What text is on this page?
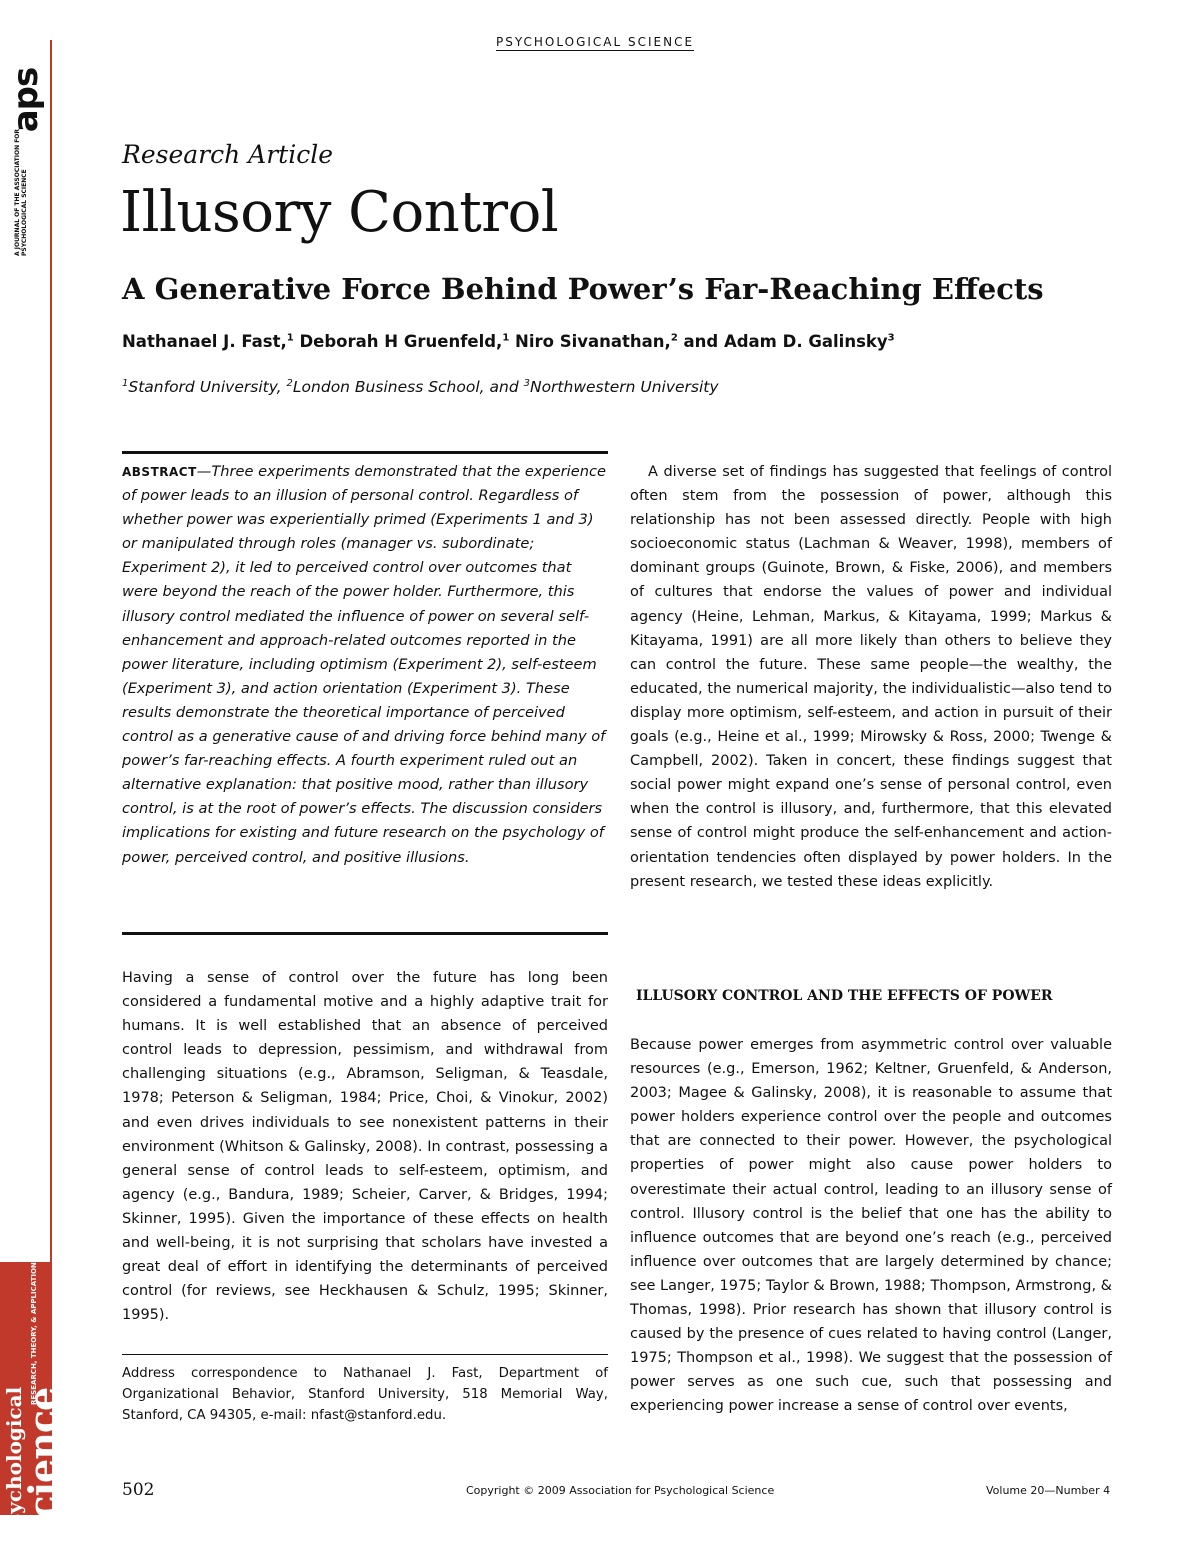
aps
A JOURNAL OF THE ASSOCIATION FOR PSYCHOLOGICAL SCIENCE
RESEARCH, THEORY, & APPLICATION IN PSYCHOLOGY AND RELATED SCIENCES
Psychological
Science
PSYCHOLOGICAL SCIENCE
Research Article
Illusory Control
A Generative Force Behind Power’s Far-Reaching Effects
Nathanael J. Fast,$^1$ Deborah H Gruenfeld,$^1$ Niro Sivanathan,$^2$ and Adam D. Galinsky$^3$
$^1$Stanford University, $^2$London Business School, and $^3$Northwestern University
ABSTRACT—Three experiments demonstrated that the experience of power leads to an illusion of personal control. Regardless of whether power was experientially primed (Experiments 1 and 3) or manipulated through roles (manager vs. subordinate; Experiment 2), it led to perceived control over outcomes that were beyond the reach of the power holder. Furthermore, this illusory control mediated the influence of power on several self-enhancement and approach-related outcomes reported in the power literature, including optimism (Experiment 2), self-esteem (Experiment 3), and action orientation (Experiment 3). These results demonstrate the theoretical importance of perceived control as a generative cause of and driving force behind many of power’s far-reaching effects. A fourth experiment ruled out an alternative explanation: that positive mood, rather than illusory control, is at the root of power’s effects. The discussion considers implications for existing and future research on the psychology of power, perceived control, and positive illusions.
Having a sense of control over the future has long been considered a fundamental motive and a highly adaptive trait for humans. It is well established that an absence of perceived control leads to depression, pessimism, and withdrawal from challenging situations (e.g., Abramson, Seligman, & Teasdale, 1978; Peterson & Seligman, 1984; Price, Choi, & Vinokur, 2002) and even drives individuals to see nonexistent patterns in their environment (Whitson & Galinsky, 2008). In contrast, possessing a general sense of control leads to self-esteem, optimism, and agency (e.g., Bandura, 1989; Scheier, Carver, & Bridges, 1994; Skinner, 1995). Given the importance of these effects on health and well-being, it is not surprising that scholars have invested a great deal of effort in identifying the determinants of perceived control (for reviews, see Heckhausen & Schulz, 1995; Skinner, 1995).
Address correspondence to Nathanael J. Fast, Department of Organizational Behavior, Stanford University, 518 Memorial Way, Stanford, CA 94305, e-mail: nfast@stanford.edu.
A diverse set of findings has suggested that feelings of control often stem from the possession of power, although this relationship has not been assessed directly. People with high socioeconomic status (Lachman & Weaver, 1998), members of dominant groups (Guinote, Brown, & Fiske, 2006), and members of cultures that endorse the values of power and individual agency (Heine, Lehman, Markus, & Kitayama, 1999; Markus & Kitayama, 1991) are all more likely than others to believe they can control the future. These same people—the wealthy, the educated, the numerical majority, the individualistic—also tend to display more optimism, self-esteem, and action in pursuit of their goals (e.g., Heine et al., 1999; Mirowsky & Ross, 2000; Twenge & Campbell, 2002). Taken in concert, these findings suggest that social power might expand one’s sense of personal control, even when the control is illusory, and, furthermore, that this elevated sense of control might produce the self-enhancement and action-orientation tendencies often displayed by power holders. In the present research, we tested these ideas explicitly.
ILLUSORY CONTROL AND THE EFFECTS OF POWER
Because power emerges from asymmetric control over valuable resources (e.g., Emerson, 1962; Keltner, Gruenfeld, & Anderson, 2003; Magee & Galinsky, 2008), it is reasonable to assume that power holders experience control over the people and outcomes that are connected to their power. However, the psychological properties of power might also cause power holders to overestimate their actual control, leading to an illusory sense of control. Illusory control is the belief that one has the ability to influence outcomes that are beyond one’s reach (e.g., perceived influence over outcomes that are largely determined by chance; see Langer, 1975; Taylor & Brown, 1988; Thompson, Armstrong, & Thomas, 1998). Prior research has shown that illusory control is caused by the presence of cues related to having control (Langer, 1975; Thompson et al., 1998). We suggest that the possession of power serves as one such cue, such that possessing and experiencing power increase a sense of control over events,
502	Copyright © 2009 Association for Psychological Science	Volume 20—Number 4
